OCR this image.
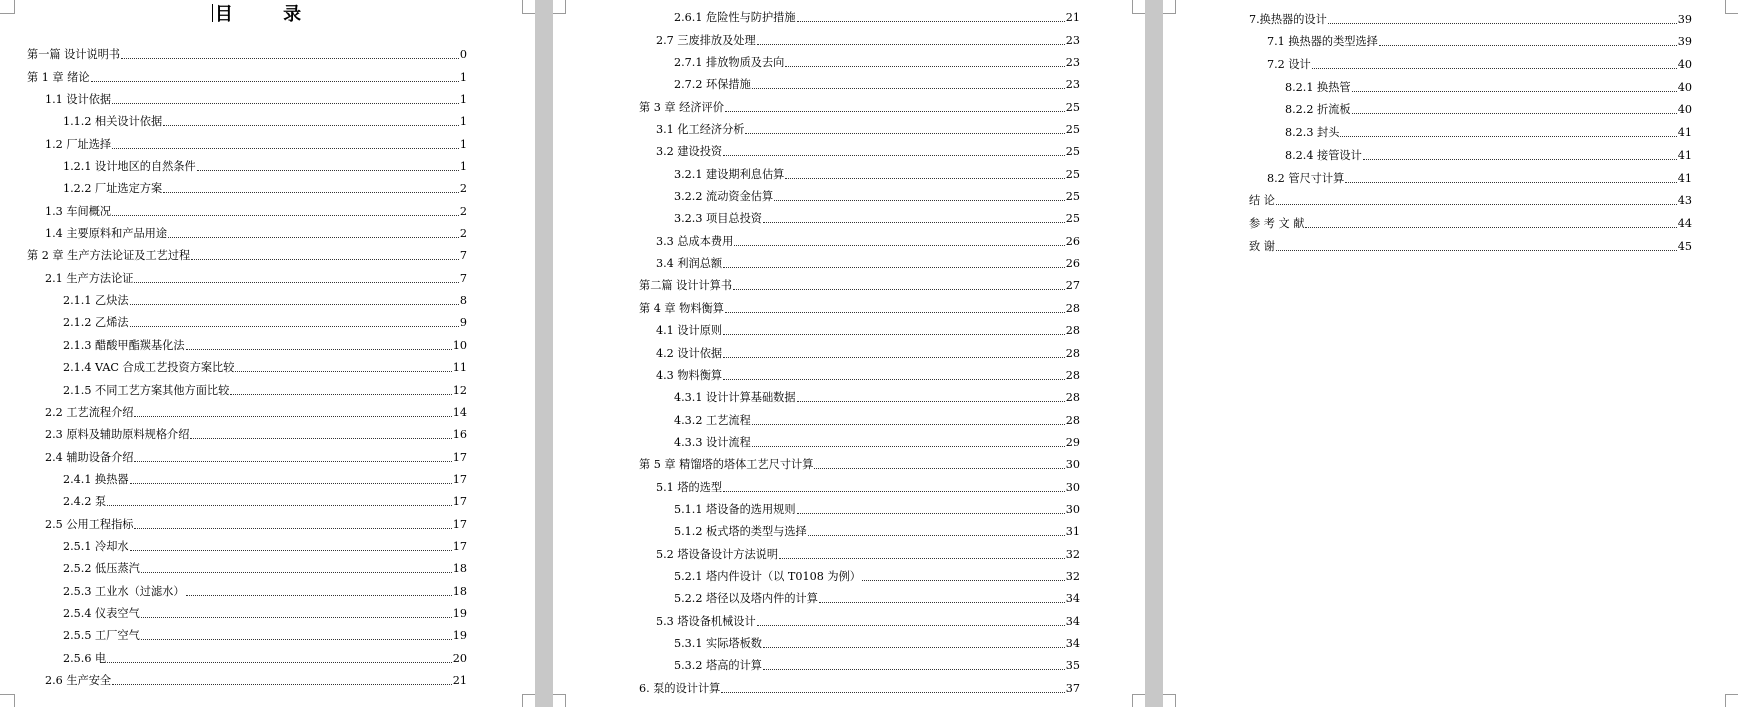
目 录
第一篇 设计说明书	0
第 1 章 绪论	1
1.1 设计依据	1
1.1.2 相关设计依据	1
1.2 厂址选择	1
1.2.1 设计地区的自然条件	1
1.2.2 厂址选定方案	2
1.3 车间概况	2
1.4 主要原料和产品用途	2
第 2 章 生产方法论证及工艺过程	7
2.1 生产方法论证	7
2.1.1 乙炔法	8
2.1.2 乙烯法	9
2.1.3 醋酸甲酯羰基化法	10
2.1.4 VAC 合成工艺投资方案比较	11
2.1.5 不同工艺方案其他方面比较	12
2.2 工艺流程介绍	14
2.3 原料及辅助原料规格介绍	16
2.4 辅助设备介绍	17
2.4.1 换热器	17
2.4.2 泵	17
2.5 公用工程指标	17
2.5.1 冷却水	17
2.5.2 低压蒸汽	18
2.5.3 工业水（过滤水）	18
2.5.4 仪表空气	19
2.5.5 工厂空气	19
2.5.6 电	20
2.6 生产安全	21
2.6.1 危险性与防护措施	21
2.7 三废排放及处理	23
2.7.1 排放物质及去向	23
2.7.2 环保措施	23
第 3 章 经济评价	25
3.1 化工经济分析	25
3.2 建设投资	25
3.2.1 建设期利息估算	25
3.2.2 流动资金估算	25
3.2.3 项目总投资	25
3.3 总成本费用	26
3.4 利润总额	26
第二篇 设计计算书	27
第 4 章 物料衡算	28
4.1 设计原则	28
4.2 设计依据	28
4.3 物料衡算	28
4.3.1 设计计算基础数据	28
4.3.2 工艺流程	28
4.3.3 设计流程	29
第 5 章 精馏塔的塔体工艺尺寸计算	30
5.1 塔的选型	30
5.1.1 塔设备的选用规则	30
5.1.2 板式塔的类型与选择	31
5.2 塔设备设计方法说明	32
5.2.1 塔内件设计（以 T0108 为例）	32
5.2.2 塔径以及塔内件的计算	34
5.3 塔设备机械设计	34
5.3.1 实际塔板数	34
5.3.2 塔高的计算	35
6. 泵的设计计算	37
7.换热器的设计	39
7.1 换热器的类型选择	39
7.2 设计	40
8.2.1 换热管	40
8.2.2 折流板	40
8.2.3 封头	41
8.2.4 接管设计	41
8.2 管尺寸计算	41
结 论	43
参 考 文 献	44
致 谢	45
